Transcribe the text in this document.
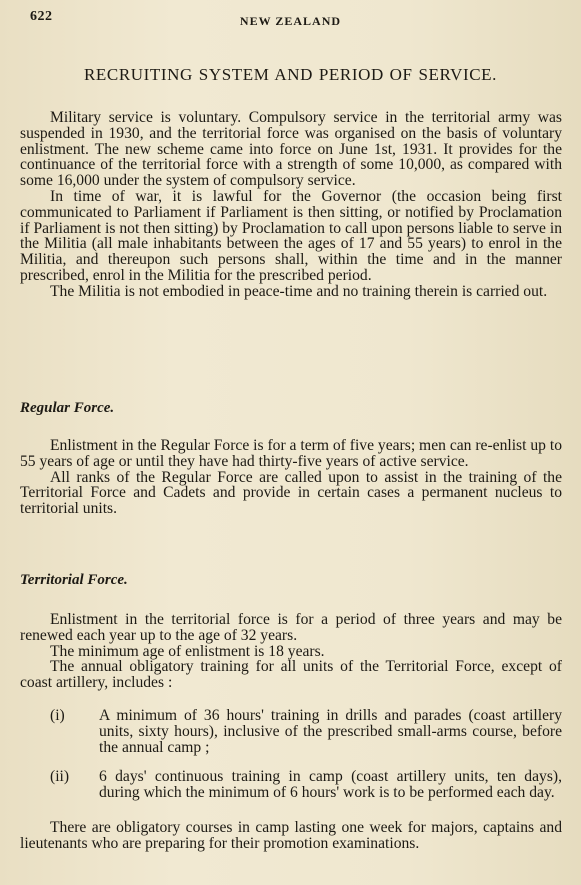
622	NEW ZEALAND
RECRUITING SYSTEM AND PERIOD OF SERVICE.

Military service is voluntary. Compulsory service in the territorial army was suspended in 1930, and the territorial force was organised on the basis of voluntary enlistment. The new scheme came into force on June 1st, 1931. It provides for the continuance of the territorial force with a strength of some 10,000, as compared with some 16,000 under the system of compulsory service.

In time of war, it is lawful for the Governor (the occasion being first communicated to Parliament if Parliament is then sitting, or notified by Proclamation if Parliament is not then sitting) by Proclamation to call upon persons liable to serve in the Militia (all male inhabitants between the ages of 17 and 55 years) to enrol in the Militia, and thereupon such persons shall, within the time and in the manner prescribed, enrol in the Militia for the prescribed period.

The Militia is not embodied in peace-time and no training therein is carried out.

Regular Force.

Enlistment in the Regular Force is for a term of five years; men can re-enlist up to 55 years of age or until they have had thirty-five years of active service.

All ranks of the Regular Force are called upon to assist in the training of the Territorial Force and Cadets and provide in certain cases a permanent nucleus to territorial units.

Territorial Force.

Enlistment in the territorial force is for a period of three years and may be renewed each year up to the age of 32 years.

The minimum age of enlistment is 18 years.

The annual obligatory training for all units of the Territorial Force, except of coast artillery, includes :

(i) A minimum of 36 hours' training in drills and parades (coast artillery units, sixty hours), inclusive of the prescribed small-arms course, before the annual camp ;
(ii) 6 days' continuous training in camp (coast artillery units, ten days), during which the minimum of 6 hours' work is to be performed each day.

There are obligatory courses in camp lasting one week for majors, captains and lieutenants who are preparing for their promotion examinations.
